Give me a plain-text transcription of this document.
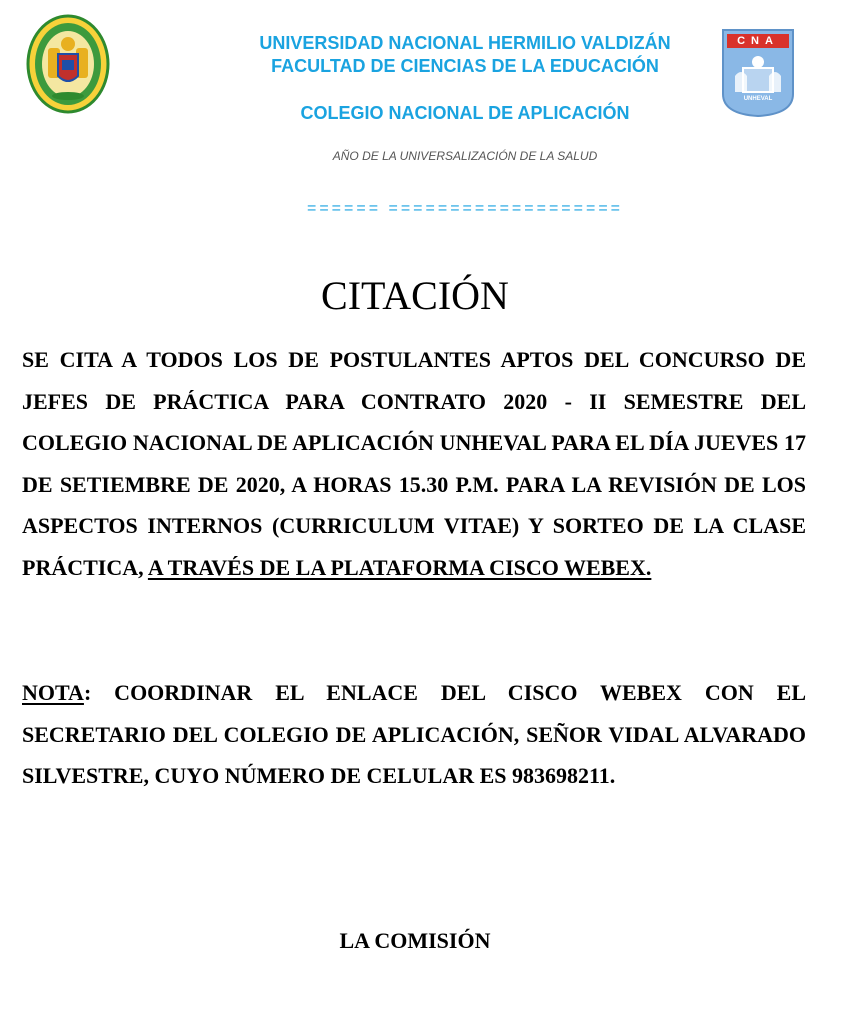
CNA
UNHEVAL
UNIVERSIDAD NACIONAL HERMILIO VALDIZÁN
FACULTAD DE CIENCIAS DE LA EDUCACIÓN
COLEGIO NACIONAL DE APLICACIÓN
AÑO DE LA UNIVERSALIZACIÓN DE LA SALUD
====== ===================
CITACIÓN

SE CITA A TODOS LOS DE POSTULANTES APTOS DEL CONCURSO DE JEFES DE PRÁCTICA PARA CONTRATO 2020 - II SEMESTRE DEL COLEGIO NACIONAL DE APLICACIÓN UNHEVAL PARA EL DÍA JUEVES 17 DE SETIEMBRE DE 2020, A HORAS 15.30 P.M. PARA LA REVISIÓN DE LOS ASPECTOS INTERNOS (CURRICULUM VITAE) Y SORTEO DE LA CLASE PRÁCTICA, A TRAVÉS DE LA PLATAFORMA CISCO WEBEX.

NOTA: COORDINAR EL ENLACE DEL CISCO WEBEX CON EL SECRETARIO DEL COLEGIO DE APLICACIÓN, SEÑOR VIDAL ALVARADO SILVESTRE, CUYO NÚMERO DE CELULAR ES 983698211.

LA COMISIÓN
